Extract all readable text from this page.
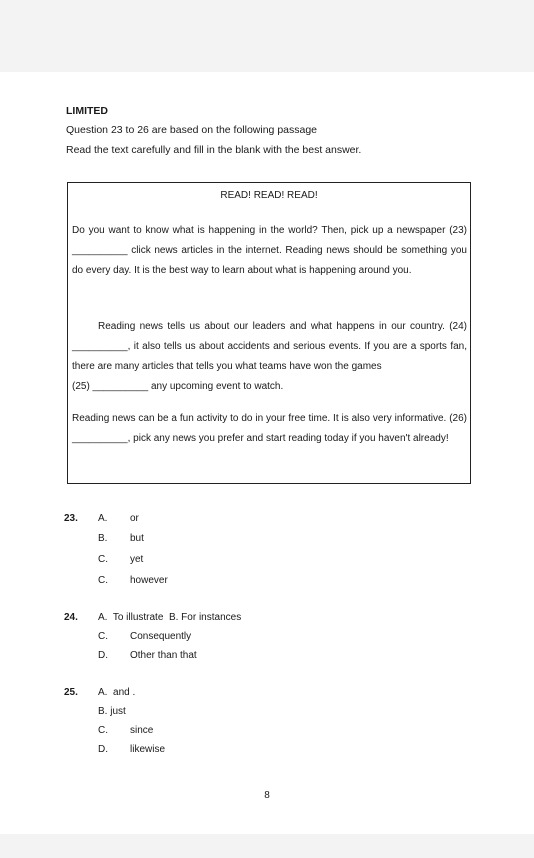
LIMITED
Question 23 to 26 are based on the following passage
Read the text carefully and fill in the blank with the best answer.
READ! READ! READ!
Do you want to know what is happening in the world? Then, pick up a newspaper (23) __________ click news articles in the internet. Reading news should be something you do every day. It is the best way to learn about what is happening around you.
Reading news tells us about our leaders and what happens in our country. (24) __________, it also tells us about accidents and serious events. If you are a sports fan, there are many articles that tells you what teams have won the games
(25) __________ any upcoming event to watch.
Reading news can be a fun activity to do in your free time. It is also very informative. (26) __________, pick any news you prefer and start reading today if you haven't already!
23. A. or
B. but
C. yet
C. however
24. A.  To illustrate  B. For instances
C. Consequently
D. Other than that
25. A.  and .
B. just
C. since
D. likewise
8
